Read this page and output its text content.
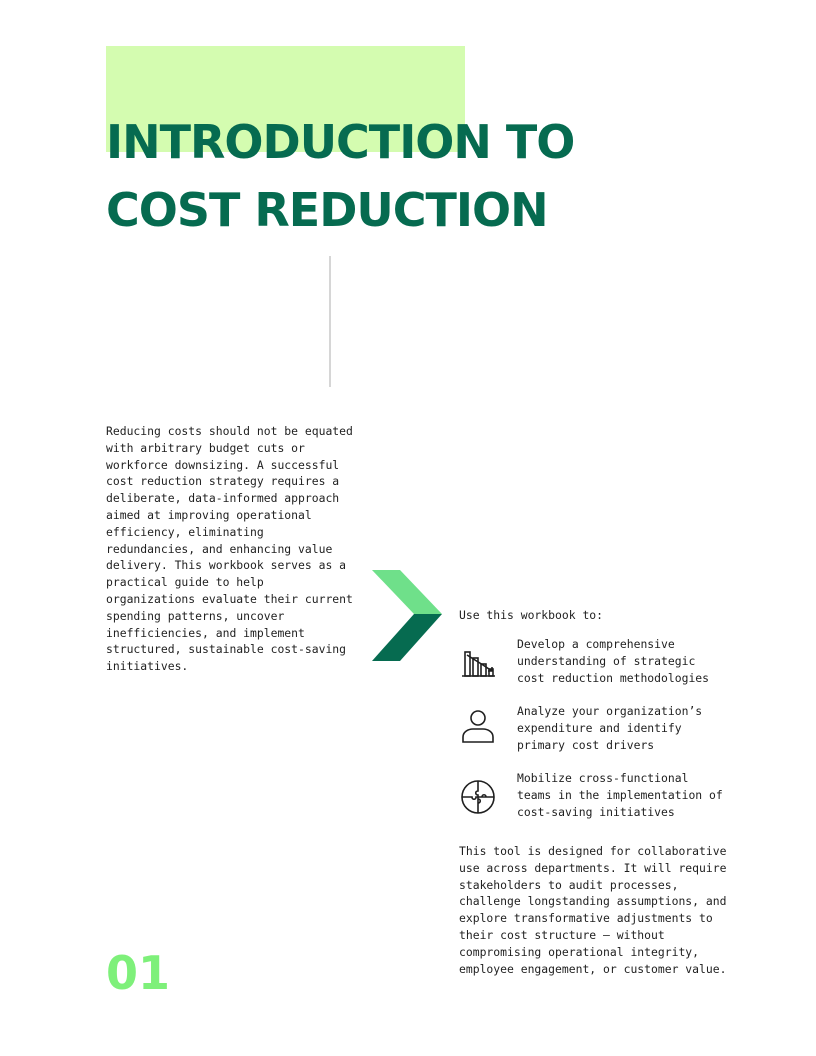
INTRODUCTION TO
COST REDUCTION

Reducing costs should not be equated with arbitrary budget cuts or workforce downsizing. A successful cost reduction strategy requires a deliberate, data-informed approach aimed at improving operational efficiency, eliminating redundancies, and enhancing value delivery. This workbook serves as a practical guide to help organizations evaluate their current spending patterns, uncover inefficiencies, and implement structured, sustainable cost-saving initiatives.

Use this workbook to:

Develop a comprehensive understanding of strategic cost reduction methodologies

Analyze your organization’s expenditure and identify primary cost drivers

Mobilize cross-functional teams in the implementation of cost-saving initiatives

This tool is designed for collaborative use across departments. It will require stakeholders to audit processes, challenge longstanding assumptions, and explore transformative adjustments to their cost structure — without compromising operational integrity, employee engagement, or customer value.

01
